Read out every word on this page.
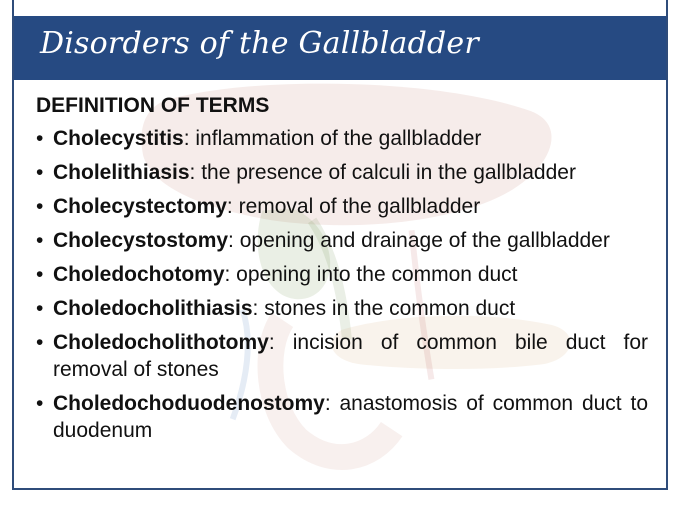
Disorders of the Gallbladder
DEFINITION OF TERMS
• Cholecystitis: inflammation of the gallbladder
• Cholelithiasis: the presence of calculi in the gallbladder
• Cholecystectomy: removal of the gallbladder
• Cholecystostomy: opening and drainage of the gallbladder
• Choledochotomy: opening into the common duct
• Choledocholithiasis: stones in the common duct
• Choledocholithotomy: incision of common bile duct for removal of stones
• Choledochoduodenostomy: anastomosis of common duct to duodenum
